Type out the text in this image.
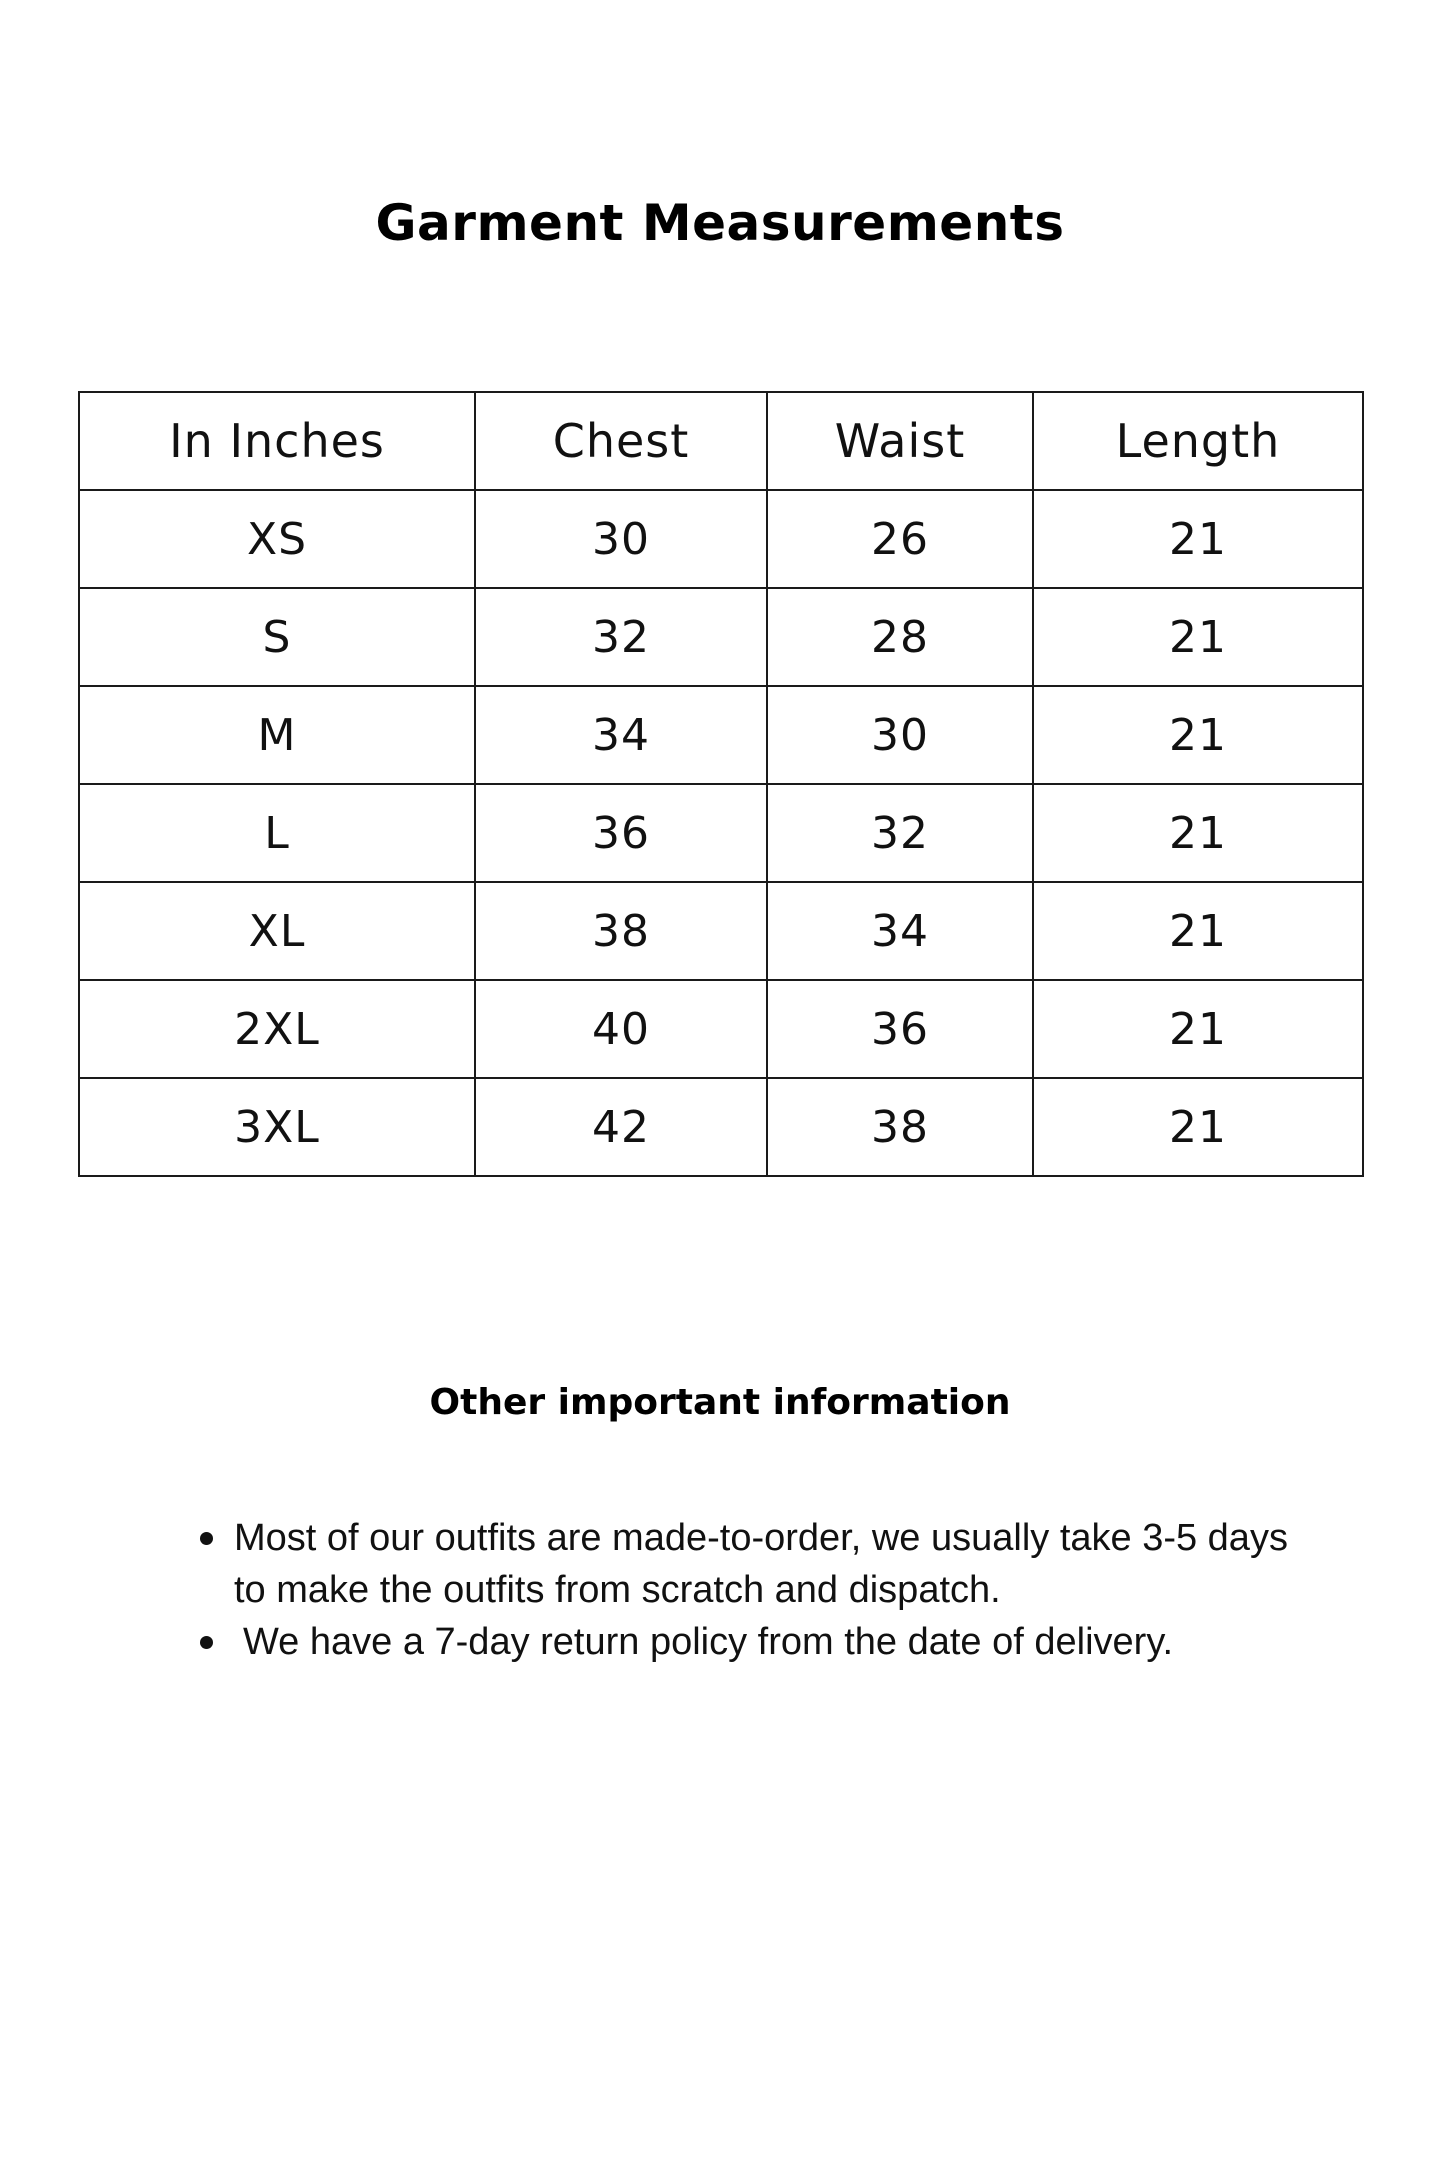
Garment Measurements
In Inches	Chest	Waist	Length
XS	30	26	21
S	32	28	21
M	34	30	21
L	36	32	21
XL	38	34	21
2XL	40	36	21
3XL	42	38	21
Other important information
Most of our outfits are made-to-order, we usually take 3-5 days to make the outfits from scratch and dispatch.
We have a 7-day return policy from the date of delivery.
